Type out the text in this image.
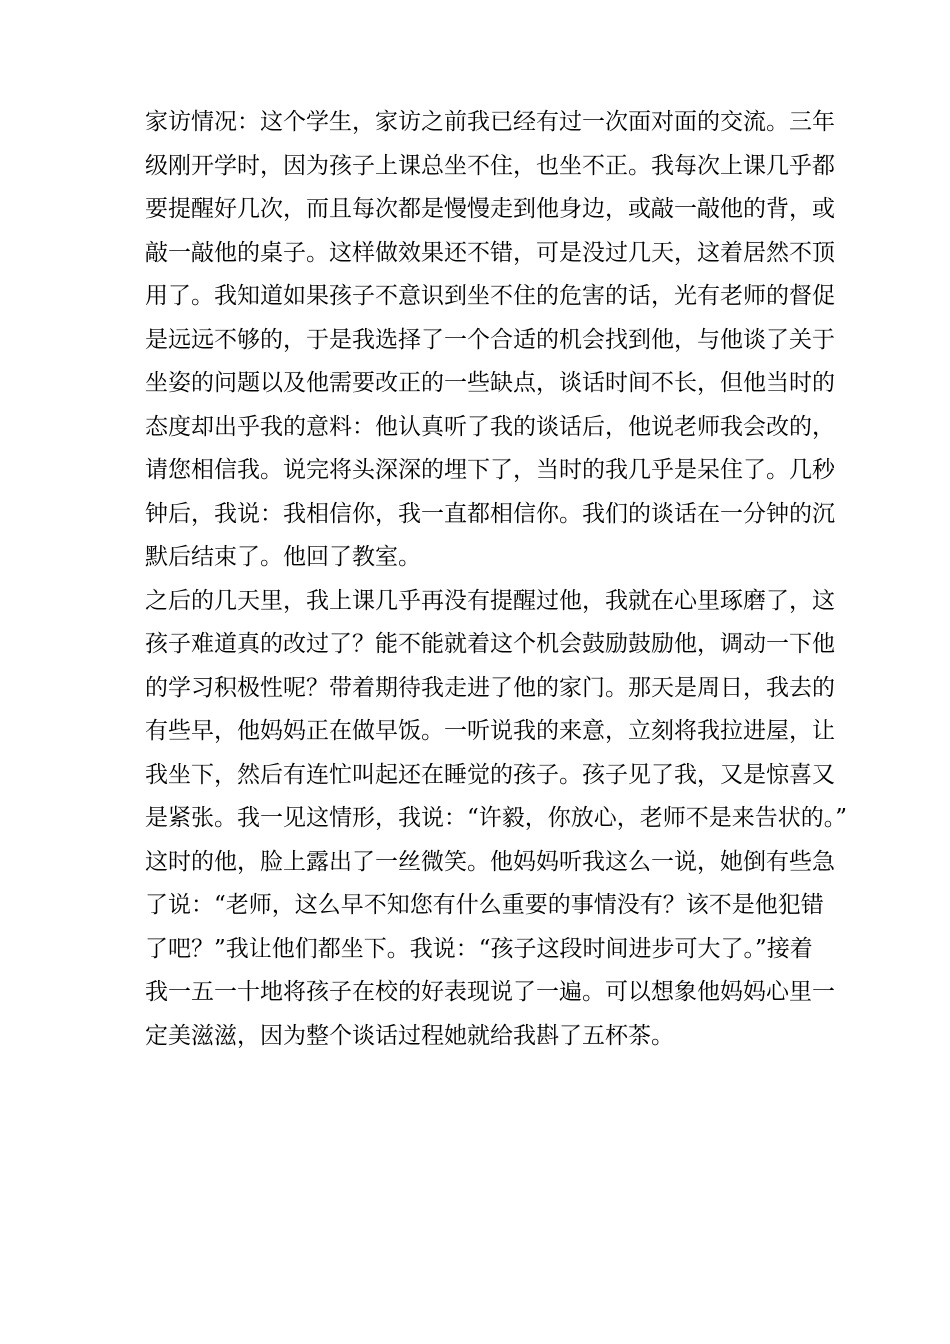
家访情况：这个学生，家访之前我已经有过一次面对面的交流。三年
级刚开学时，因为孩子上课总坐不住，也坐不正。我每次上课几乎都
要提醒好几次，而且每次都是慢慢走到他身边，或敲一敲他的背，或
敲一敲他的桌子。这样做效果还不错，可是没过几天，这着居然不顶
用了。我知道如果孩子不意识到坐不住的危害的话，光有老师的督促
是远远不够的，于是我选择了一个合适的机会找到他，与他谈了关于
坐姿的问题以及他需要改正的一些缺点，谈话时间不长，但他当时的
态度却出乎我的意料：他认真听了我的谈话后，他说老师我会改的，
请您相信我。说完将头深深的埋下了，当时的我几乎是呆住了。几秒
钟后，我说：我相信你，我一直都相信你。我们的谈话在一分钟的沉
默后结束了。他回了教室。
之后的几天里，我上课几乎再没有提醒过他，我就在心里琢磨了，这
孩子难道真的改过了？能不能就着这个机会鼓励鼓励他，调动一下他
的学习积极性呢？带着期待我走进了他的家门。那天是周日，我去的
有些早，他妈妈正在做早饭。一听说我的来意，立刻将我拉进屋，让
我坐下，然后有连忙叫起还在睡觉的孩子。孩子见了我，又是惊喜又
是紧张。我一见这情形，我说：“许毅，你放心，老师不是来告状的。”
这时的他，脸上露出了一丝微笑。他妈妈听我这么一说，她倒有些急
了说：“老师，这么早不知您有什么重要的事情没有？该不是他犯错
了吧？”我让他们都坐下。我说：“孩子这段时间进步可大了。”接着
我一五一十地将孩子在校的好表现说了一遍。可以想象他妈妈心里一
定美滋滋，因为整个谈话过程她就给我斟了五杯茶。
